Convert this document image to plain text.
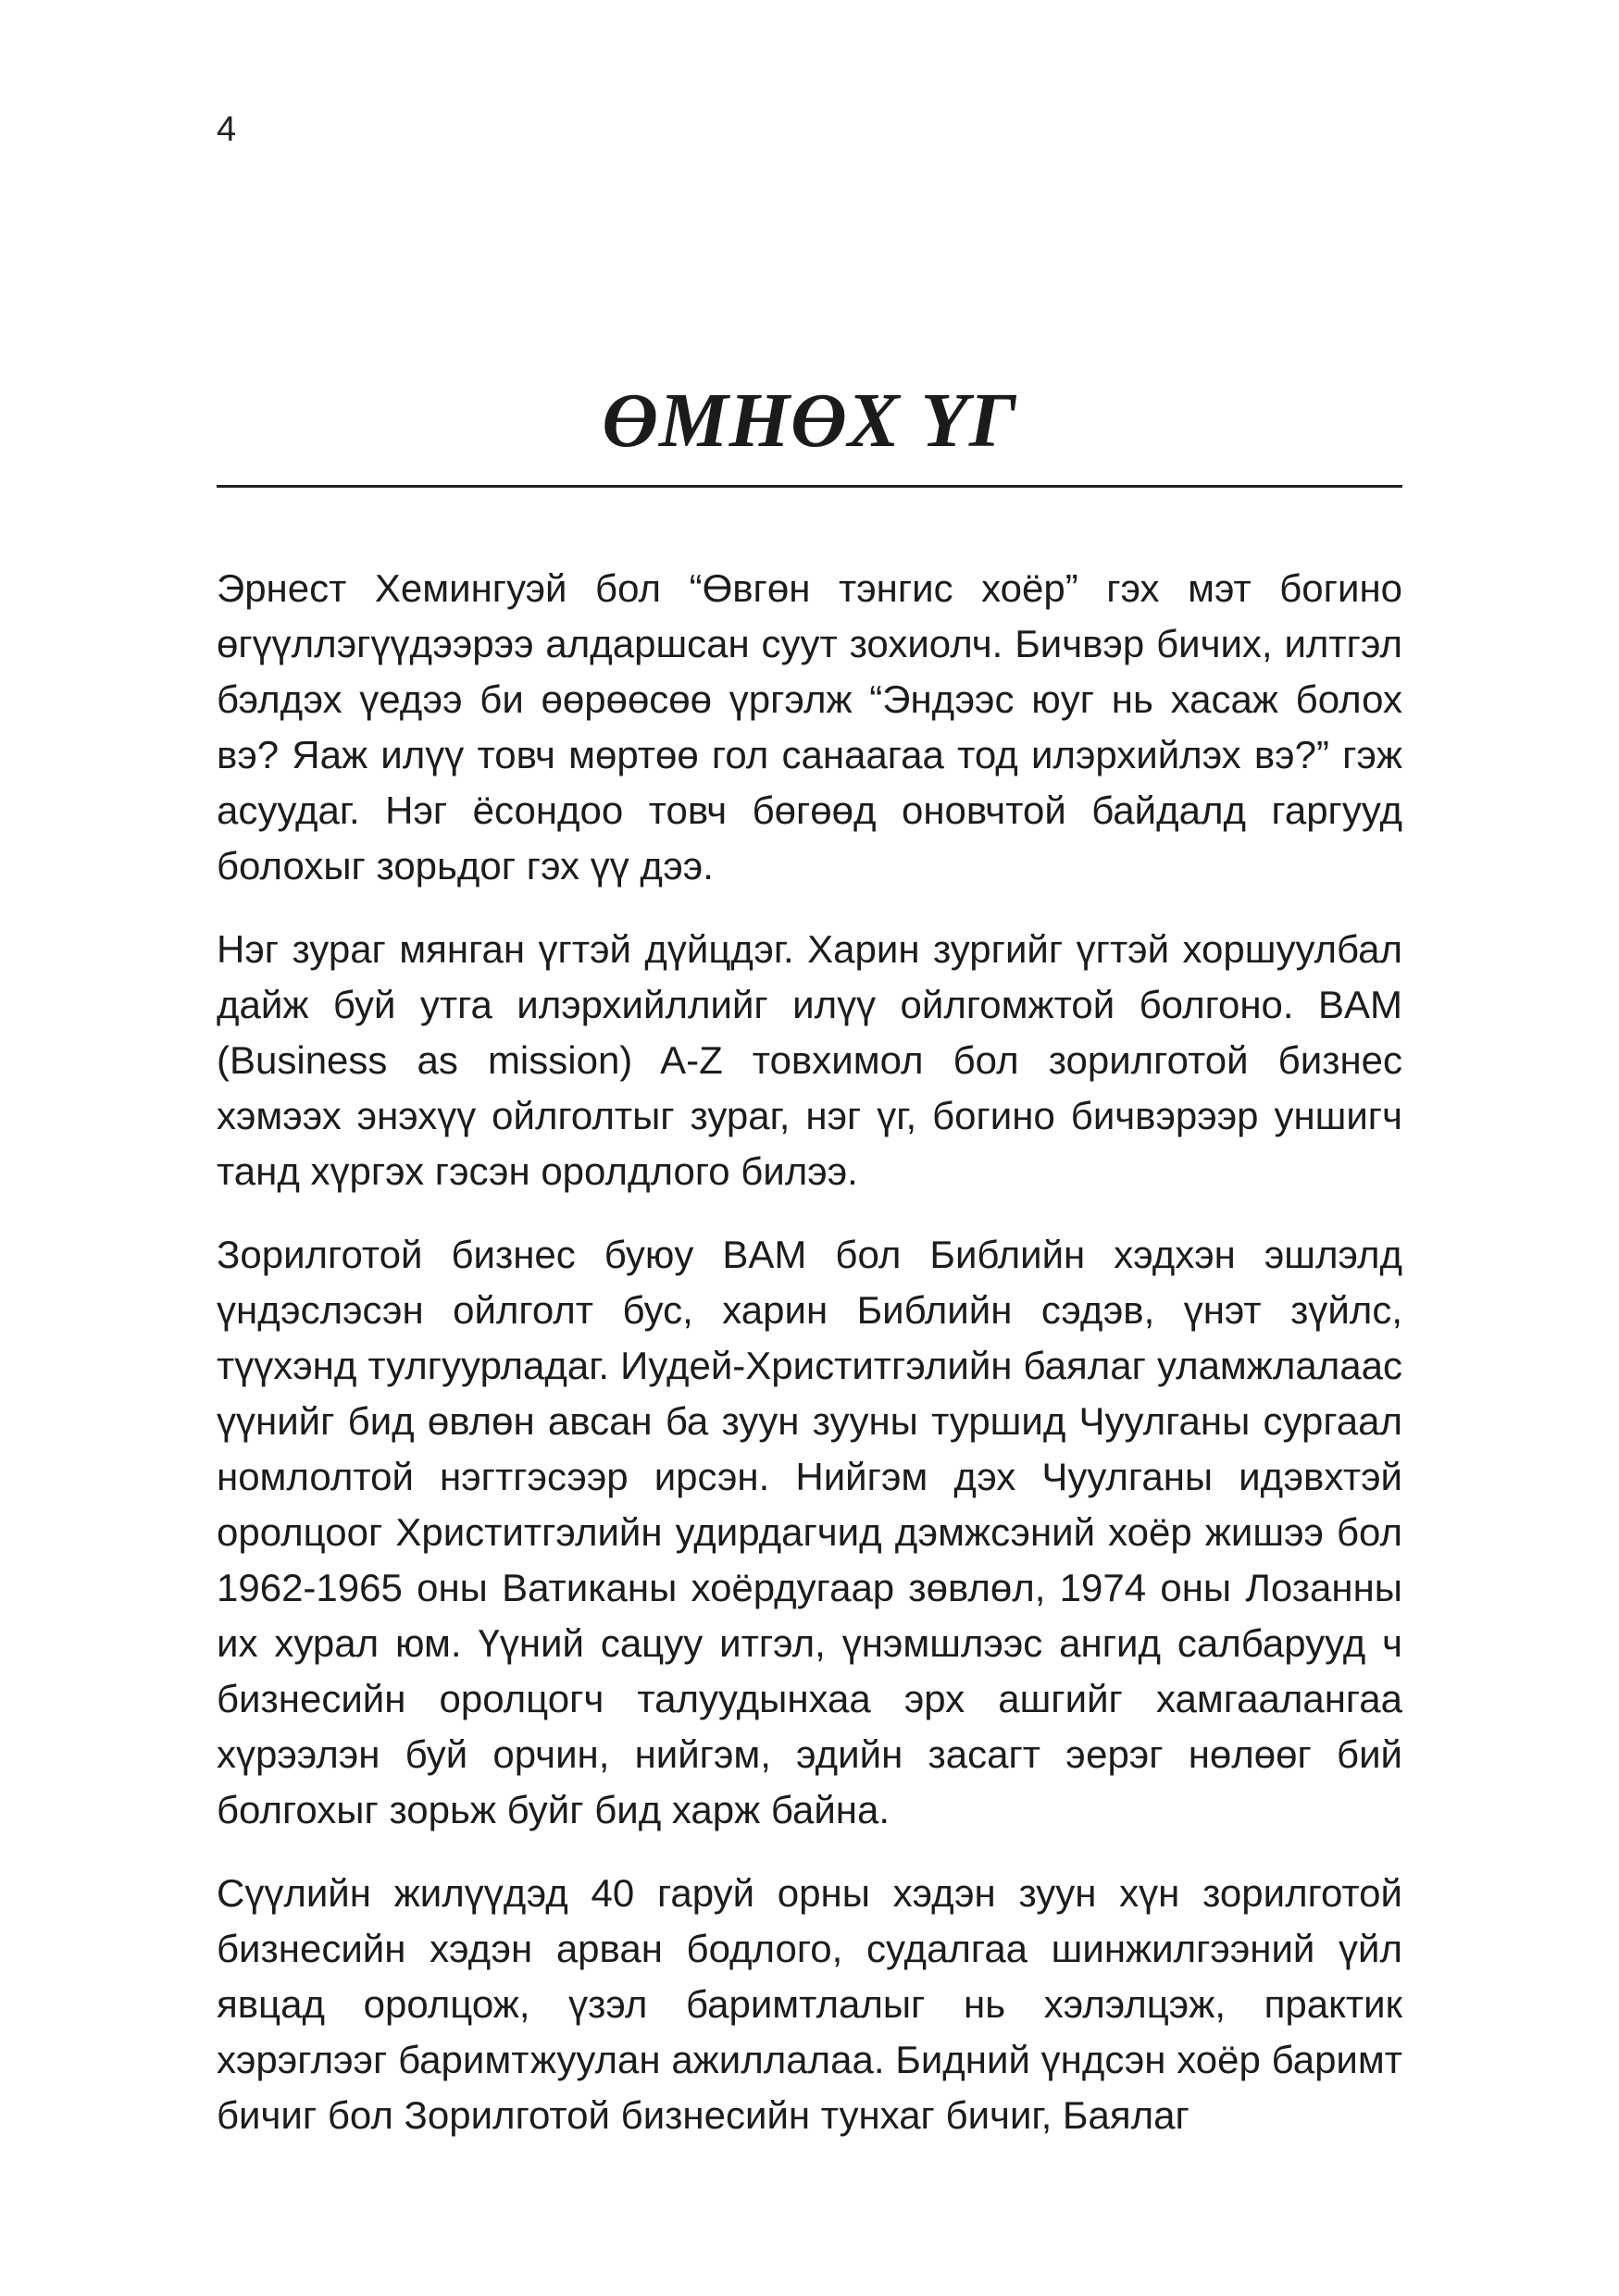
4
ӨМНӨХ ҮГ

Эрнест Хемингуэй бол “Өвгөн тэнгис хоёр” гэх мэт богино өгүүллэгүүдээрээ алдаршсан суут зохиолч. Бичвэр бичих, илтгэл бэлдэх үедээ би өөрөөсөө үргэлж “Эндээс юуг нь хасаж болох вэ? Яаж илүү товч мөртөө гол санаагаа тод илэрхийлэх вэ?” гэж асуудаг. Нэг ёсондоо товч бөгөөд оновчтой байдалд гаргууд болохыг зорьдог гэх үү дээ.

Нэг зураг мянган үгтэй дүйцдэг. Харин зургийг үгтэй хоршуулбал дайж буй утга илэрхийллийг илүү ойлгомжтой болгоно. BAM (Business as mission) A-Z товхимол бол зорилготой бизнес хэмээх энэхүү ойлголтыг зураг, нэг үг, богино бичвэрээр уншигч танд хүргэх гэсэн оролдлого билээ.

Зорилготой бизнес буюу BAM бол Библийн хэдхэн эшлэлд үндэслэсэн ойлголт бус, харин Библийн сэдэв, үнэт зүйлс, түүхэнд тулгуурладаг. Иудей-Христитгэлийн баялаг уламжлалаас үүнийг бид өвлөн авсан ба зуун зууны туршид Чуулганы сургаал номлолтой нэгтгэсээр ирсэн. Нийгэм дэх Чуулганы идэвхтэй оролцоог Христитгэлийн удирдагчид дэмжсэний хоёр жишээ бол 1962-1965 оны Ватиканы хоёрдугаар зөвлөл, 1974 оны Лозанны их хурал юм. Үүний сацуу итгэл, үнэмшлээс ангид салбарууд ч бизнесийн оролцогч талуудынхаа эрх ашгийг хамгаалангаа хүрээлэн буй орчин, нийгэм, эдийн засагт эерэг нөлөөг бий болгохыг зорьж буйг бид харж байна.

Сүүлийн жилүүдэд 40 гаруй орны хэдэн зуун хүн зорилготой бизнесийн хэдэн арван бодлого, судалгаа шинжилгээний үйл явцад оролцож, үзэл баримтлалыг нь хэлэлцэж, практик хэрэглээг баримтжуулан ажиллалаа. Бидний үндсэн хоёр баримт бичиг бол Зорилготой бизнесийн тунхаг бичиг, Баялаг
